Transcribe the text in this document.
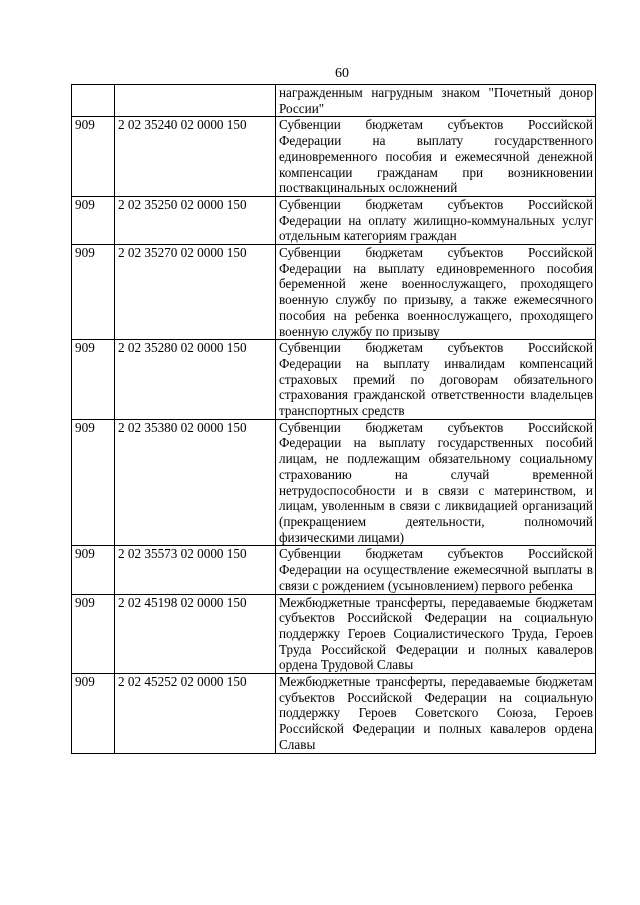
60
		награжденным нагрудным знаком "Почетный донор России"
909	2 02 35240 02 0000 150	Субвенции бюджетам субъектов Российской Федерации на выплату государственного единовременного пособия и ежемесячной денежной компенсации гражданам при возникновении поствакцинальных осложнений
909	2 02 35250 02 0000 150	Субвенции бюджетам субъектов Российской Федерации на оплату жилищно-коммунальных услуг отдельным категориям граждан
909	2 02 35270 02 0000 150	Субвенции бюджетам субъектов Российской Федерации на выплату единовременного пособия беременной жене военнослужащего, проходящего военную службу по призыву, а также ежемесячного пособия на ребенка военнослужащего, проходящего военную службу по призыву
909	2 02 35280 02 0000 150	Субвенции бюджетам субъектов Российской Федерации на выплату инвалидам компенсаций страховых премий по договорам обязательного страхования гражданской ответственности владельцев транспортных средств
909	2 02 35380 02 0000 150	Субвенции бюджетам субъектов Российской Федерации на выплату государственных пособий лицам, не подлежащим обязательному социальному страхованию на случай временной нетрудоспособности и в связи с материнством, и лицам, уволенным в связи с ликвидацией организаций (прекращением деятельности, полномочий физическими лицами)
909	2 02 35573 02 0000 150	Субвенции бюджетам субъектов Российской Федерации на осуществление ежемесячной выплаты в связи с рождением (усыновлением) первого ребенка
909	2 02 45198 02 0000 150	Межбюджетные трансферты, передаваемые бюджетам субъектов Российской Федерации на социальную поддержку Героев Социалистического Труда, Героев Труда Российской Федерации и полных кавалеров ордена Трудовой Славы
909	2 02 45252 02 0000 150	Межбюджетные трансферты, передаваемые бюджетам субъектов Российской Федерации на социальную поддержку Героев Советского Союза, Героев Российской Федерации и полных кавалеров ордена Славы
